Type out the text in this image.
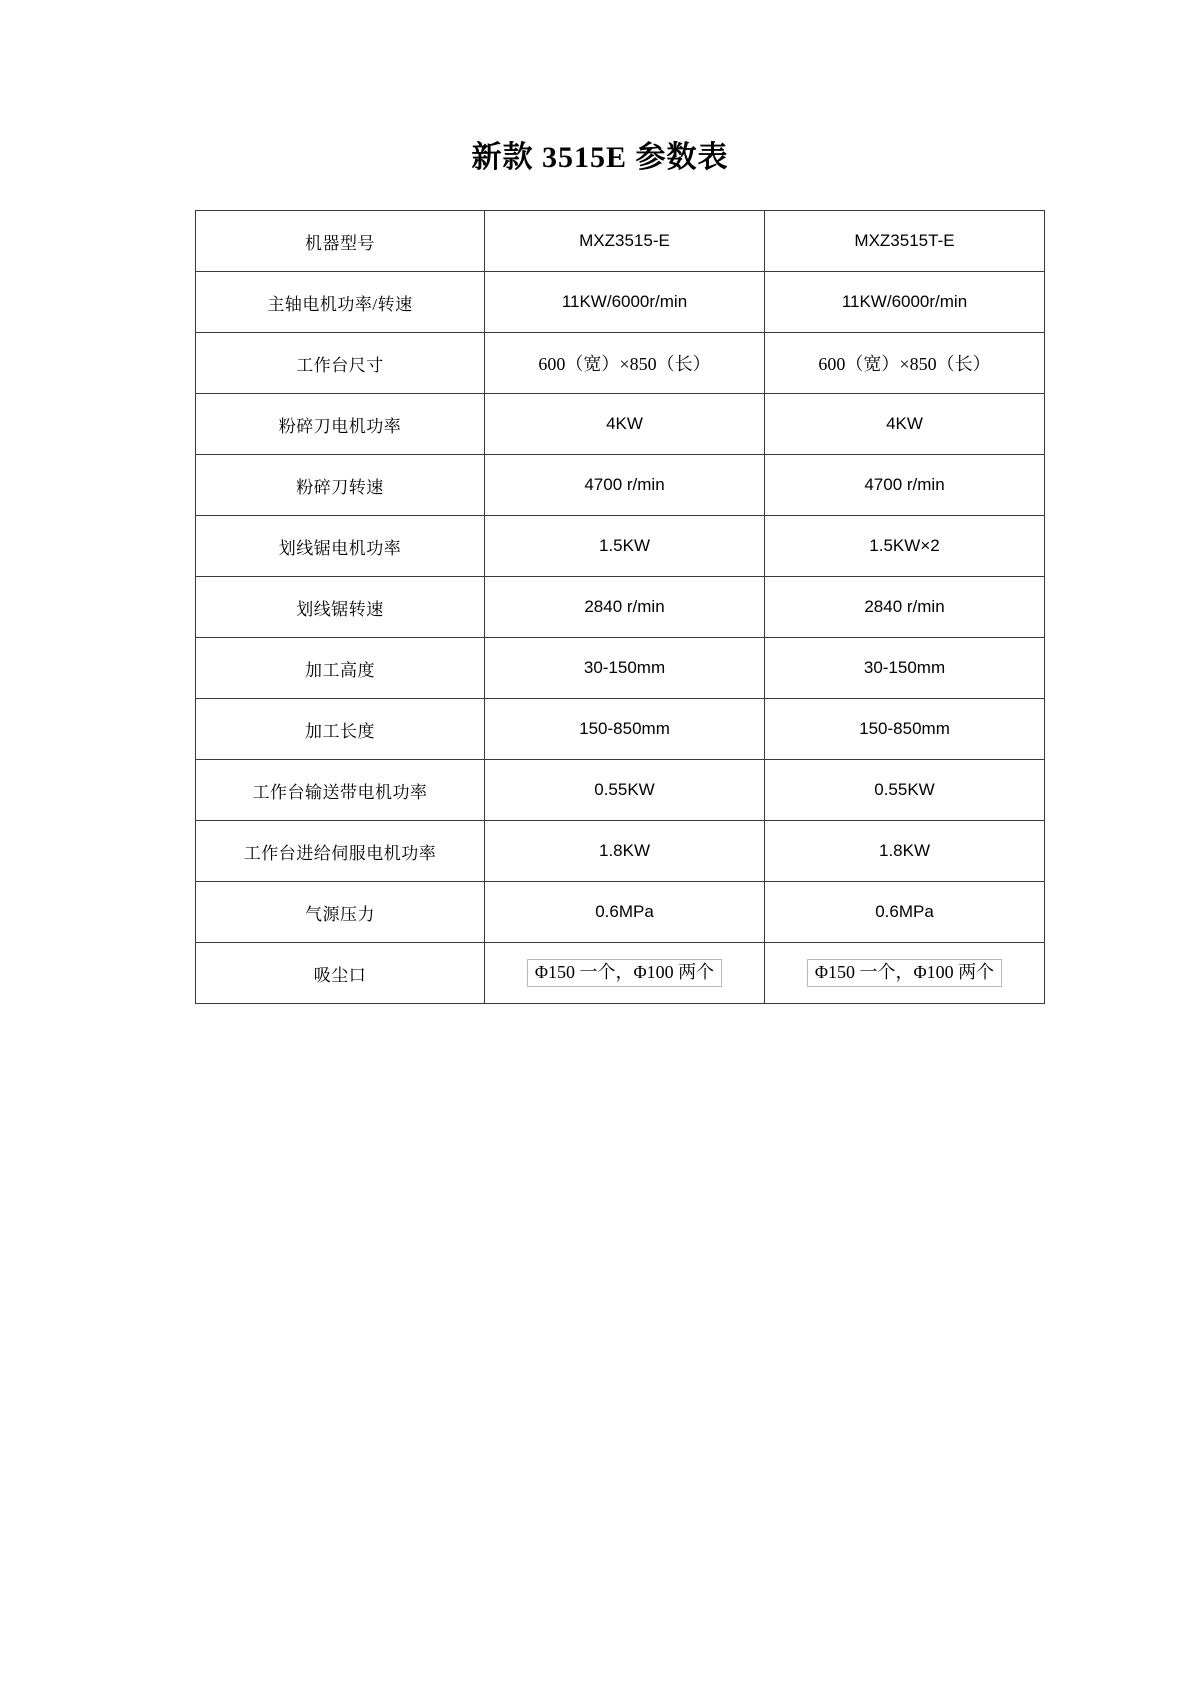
新款 3515E 参数表
机器型号	MXZ3515-E	MXZ3515T-E
主轴电机功率/转速	11KW/6000r/min	11KW/6000r/min
工作台尺寸	600（宽）×850（长）	600（宽）×850（长）
粉碎刀电机功率	4KW	4KW
粉碎刀转速	4700 r/min	4700 r/min
划线锯电机功率	1.5KW	1.5KW×2
划线锯转速	2840 r/min	2840 r/min
加工高度	30-150mm	30-150mm
加工长度	150-850mm	150-850mm
工作台输送带电机功率	0.55KW	0.55KW
工作台进给伺服电机功率	1.8KW	1.8KW
气源压力	0.6MPa	0.6MPa
吸尘口	Φ150 一个，Φ100 两个	Φ150 一个，Φ100 两个
